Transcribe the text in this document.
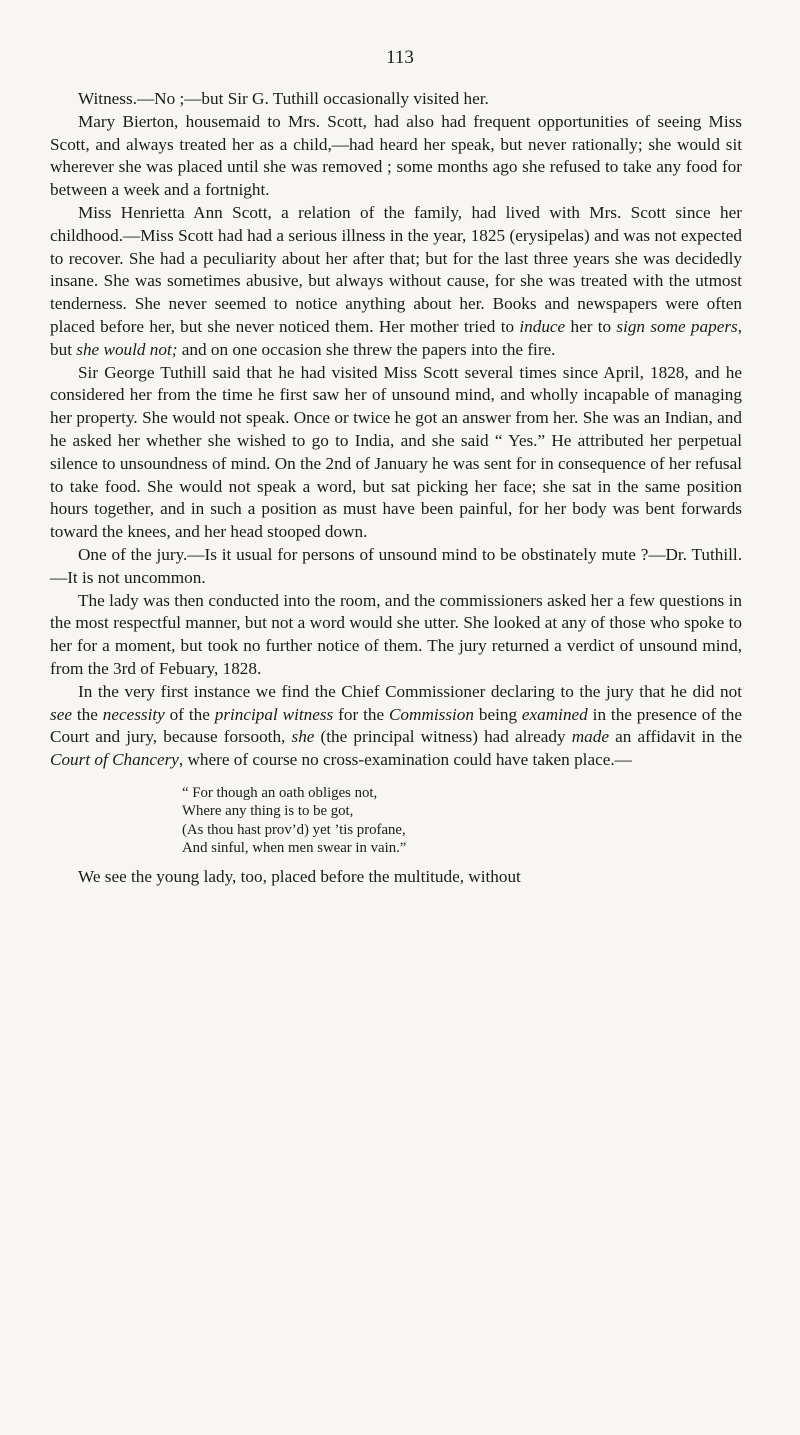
113

Witness.—No ;—but Sir G. Tuthill occasionally visited her.

Mary Bierton, housemaid to Mrs. Scott, had also had frequent opportunities of seeing Miss Scott, and always treated her as a child,—had heard her speak, but never rationally; she would sit wherever she was placed until she was removed ; some months ago she refused to take any food for between a week and a fortnight.

Miss Henrietta Ann Scott, a relation of the family, had lived with Mrs. Scott since her childhood.—Miss Scott had had a serious illness in the year, 1825 (erysipelas) and was not expected to recover. She had a peculiarity about her after that; but for the last three years she was decidedly insane. She was sometimes abusive, but always without cause, for she was treated with the utmost tenderness. She never seemed to notice anything about her. Books and newspapers were often placed before her, but she never noticed them. Her mother tried to induce her to sign some papers, but she would not; and on one occasion she threw the papers into the fire.

Sir George Tuthill said that he had visited Miss Scott several times since April, 1828, and he considered her from the time he first saw her of unsound mind, and wholly incapable of managing her property. She would not speak. Once or twice he got an answer from her. She was an Indian, and he asked her whether she wished to go to India, and she said “ Yes.” He attributed her perpetual silence to unsoundness of mind. On the 2nd of January he was sent for in consequence of her refusal to take food. She would not speak a word, but sat picking her face; she sat in the same position hours together, and in such a position as must have been painful, for her body was bent forwards toward the knees, and her head stooped down.

One of the jury.—Is it usual for persons of unsound mind to be obstinately mute ?—Dr. Tuthill.—It is not uncommon.

The lady was then conducted into the room, and the commissioners asked her a few questions in the most respectful manner, but not a word would she utter. She looked at any of those who spoke to her for a moment, but took no further notice of them. The jury returned a verdict of unsound mind, from the 3rd of Febuary, 1828.

In the very first instance we find the Chief Commissioner declaring to the jury that he did not see the necessity of the principal witness for the Commission being examined in the presence of the Court and jury, because forsooth, she (the principal witness) had already made an affidavit in the Court of Chancery, where of course no cross-examination could have taken place.—

“ For though an oath obliges not,
Where any thing is to be got,
(As thou hast prov’d) yet ’tis profane,
And sinful, when men swear in vain.”

We see the young lady, too, placed before the multitude, without
